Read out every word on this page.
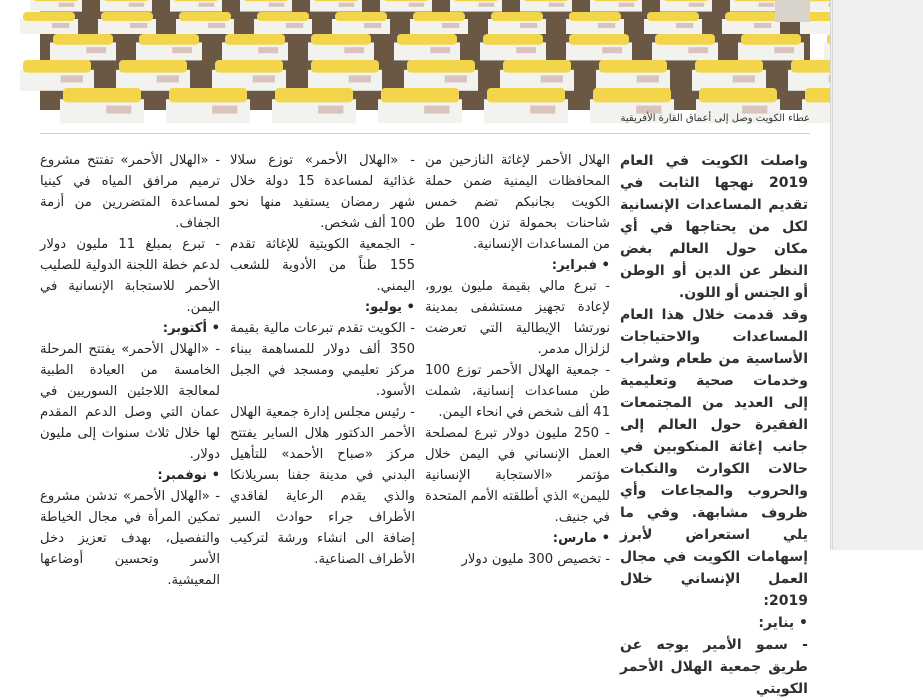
عطاء الكويت وصل إلى أعماق القارة الأفريقية

واصلت الكويت في العام 2019 نهجها الثابت في تقديم المساعدات الإنسانية لكل من يحتاجها في أي مكان حول العالم بغض النظر عن الدين أو الوطن أو الجنس أو اللون.

وقد قدمت خلال هذا العام المساعدات والاحتياجات الأساسية من طعام وشراب وخدمات صحية وتعليمية إلى العديد من المجتمعات الفقيرة حول العالم إلى جانب إغاثة المنكوبين في حالات الكوارث والنكبات والحروب والمجاعات وأي ظروف مشابهة. وفي ما يلي استعراض لأبرز إسهامات الكويت في مجال العمل الإنساني خلال 2019:

• يناير:

- سمو الأمير يوجه عن طريق جمعية الهلال الأحمر الكويتي

الهلال الأحمر لإغاثة النازحين من المحافظات اليمنية ضمن حملة الكويت بجانبكم تضم خمس شاحنات بحمولة تزن 100 طن من المساعدات الإنسانية.

• فبراير:

- تبرع مالي بقيمة مليون يورو، لإعادة تجهيز مستشفى بمدينة نورتشا الإيطالية التي تعرضت لزلزال مدمر.

- جمعية الهلال الأحمر توزع 100 طن مساعدات إنسانية، شملت 41 ألف شخص في انحاء اليمن.

- 250 مليون دولار تبرع لمصلحة العمل الإنساني في اليمن خلال مؤتمر «الاستجابة الإنسانية لليمن» الذي أطلقته الأمم المتحدة في جنيف.

• مارس:

- تخصيص 300 مليون دولار

- «الهلال الأحمر» توزع سلالا غذائية لمساعدة 15 دولة خلال شهر رمضان يستفيد منها نحو 100 ألف شخص.

- الجمعية الكويتية للإغاثة تقدم 155 طناً من الأدوية للشعب اليمني.

• يوليو:

- الكويت تقدم تبرعات مالية بقيمة 350 ألف دولار للمساهمة ببناء مركز تعليمي ومسجد في الجبل الأسود.

- رئيس مجلس إدارة جمعية الهلال الأحمر الدكتور هلال الساير يفتتح مركز «صباح الأحمد» للتأهيل البدني في مدينة جفنا بسريلانكا والذي يقدم الرعاية لفاقدي الأطراف جراء حوادث السير إضافة الى انشاء ورشة لتركيب الأطراف الصناعية.

- «الهلال الأحمر» تفتتح مشروع ترميم مرافق المياه في كينيا لمساعدة المتضررين من أزمة الجفاف.

- تبرع بمبلغ 11 مليون دولار لدعم خطة اللجنة الدولية للصليب الأحمر للاستجابة الإنسانية في اليمن.

• أكتوبر:

- «الهلال الأحمر» يفتتح المرحلة الخامسة من العيادة الطبية لمعالجة اللاجئين السوريين في عمان التي وصل الدعم المقدم لها خلال ثلاث سنوات إلى مليون دولار.

• نوفمبر:

- «الهلال الأحمر» تدشن مشروع تمكين المرأة في مجال الخياطة والتفصيل، بهدف تعزيز دخل الأسر وتحسين أوضاعها المعيشية.
